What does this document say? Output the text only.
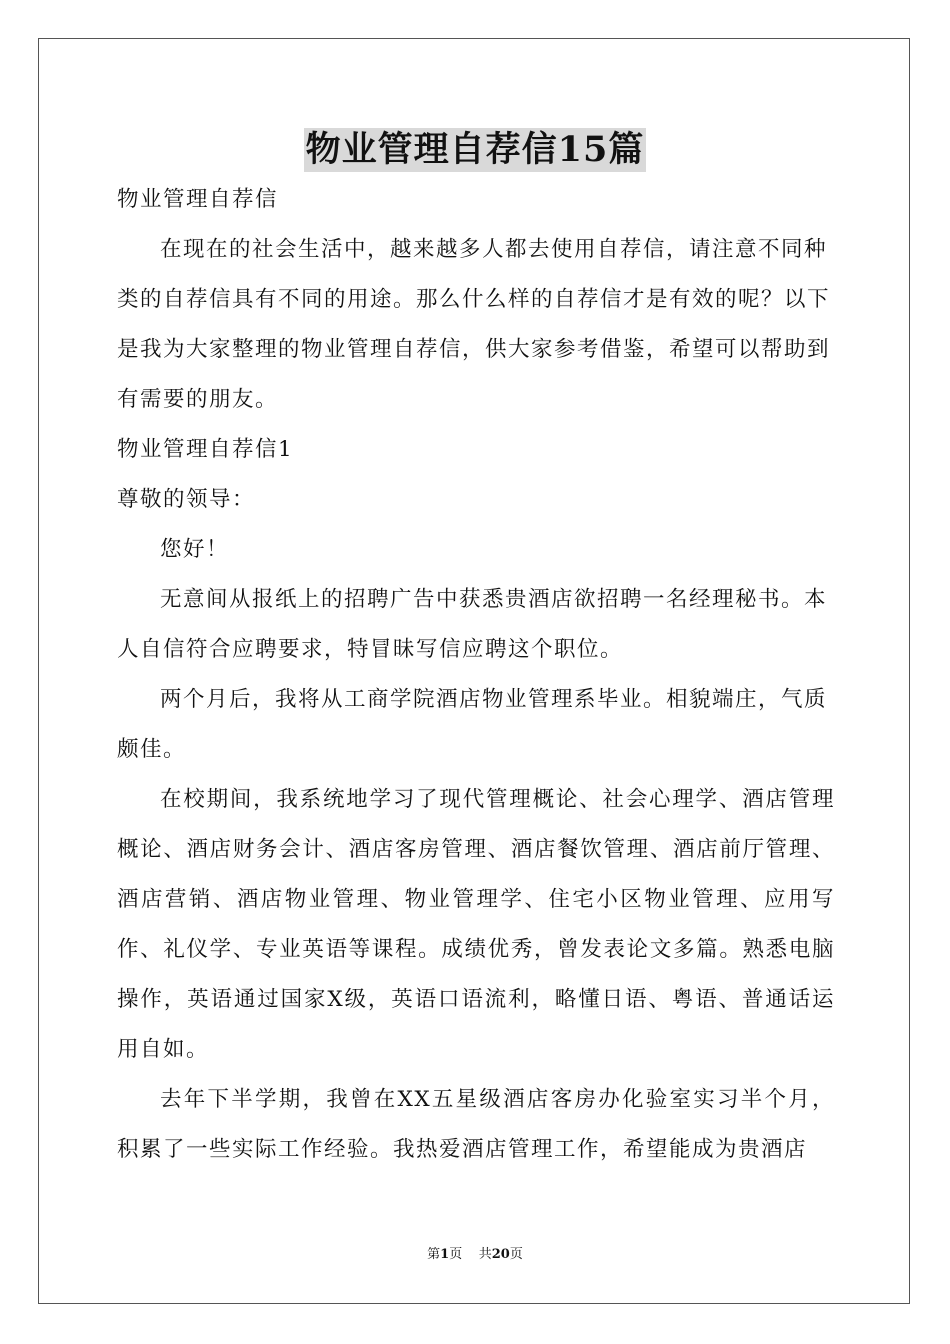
物业管理自荐信15篇

物业管理自荐信

在现在的社会生活中，越来越多人都去使用自荐信，请注意不同种类的自荐信具有不同的用途。那么什么样的自荐信才是有效的呢？以下是我为大家整理的物业管理自荐信，供大家参考借鉴，希望可以帮助到有需要的朋友。

物业管理自荐信1

尊敬的领导：

您好！

无意间从报纸上的招聘广告中获悉贵酒店欲招聘一名经理秘书。本人自信符合应聘要求，特冒昧写信应聘这个职位。

两个月后，我将从工商学院酒店物业管理系毕业。相貌端庄，气质颇佳。

在校期间，我系统地学习了现代管理概论、社会心理学、酒店管理概论、酒店财务会计、酒店客房管理、酒店餐饮管理、酒店前厅管理、酒店营销、酒店物业管理、物业管理学、住宅小区物业管理、应用写作、礼仪学、专业英语等课程。成绩优秀，曾发表论文多篇。熟悉电脑操作，英语通过国家X级，英语口语流利，略懂日语、粤语、普通话运用自如。

去年下半学期，我曾在XX五星级酒店客房办化验室实习半个月，积累了一些实际工作经验。我热爱酒店管理工作，希望能成为贵酒店

第1页 共20页
